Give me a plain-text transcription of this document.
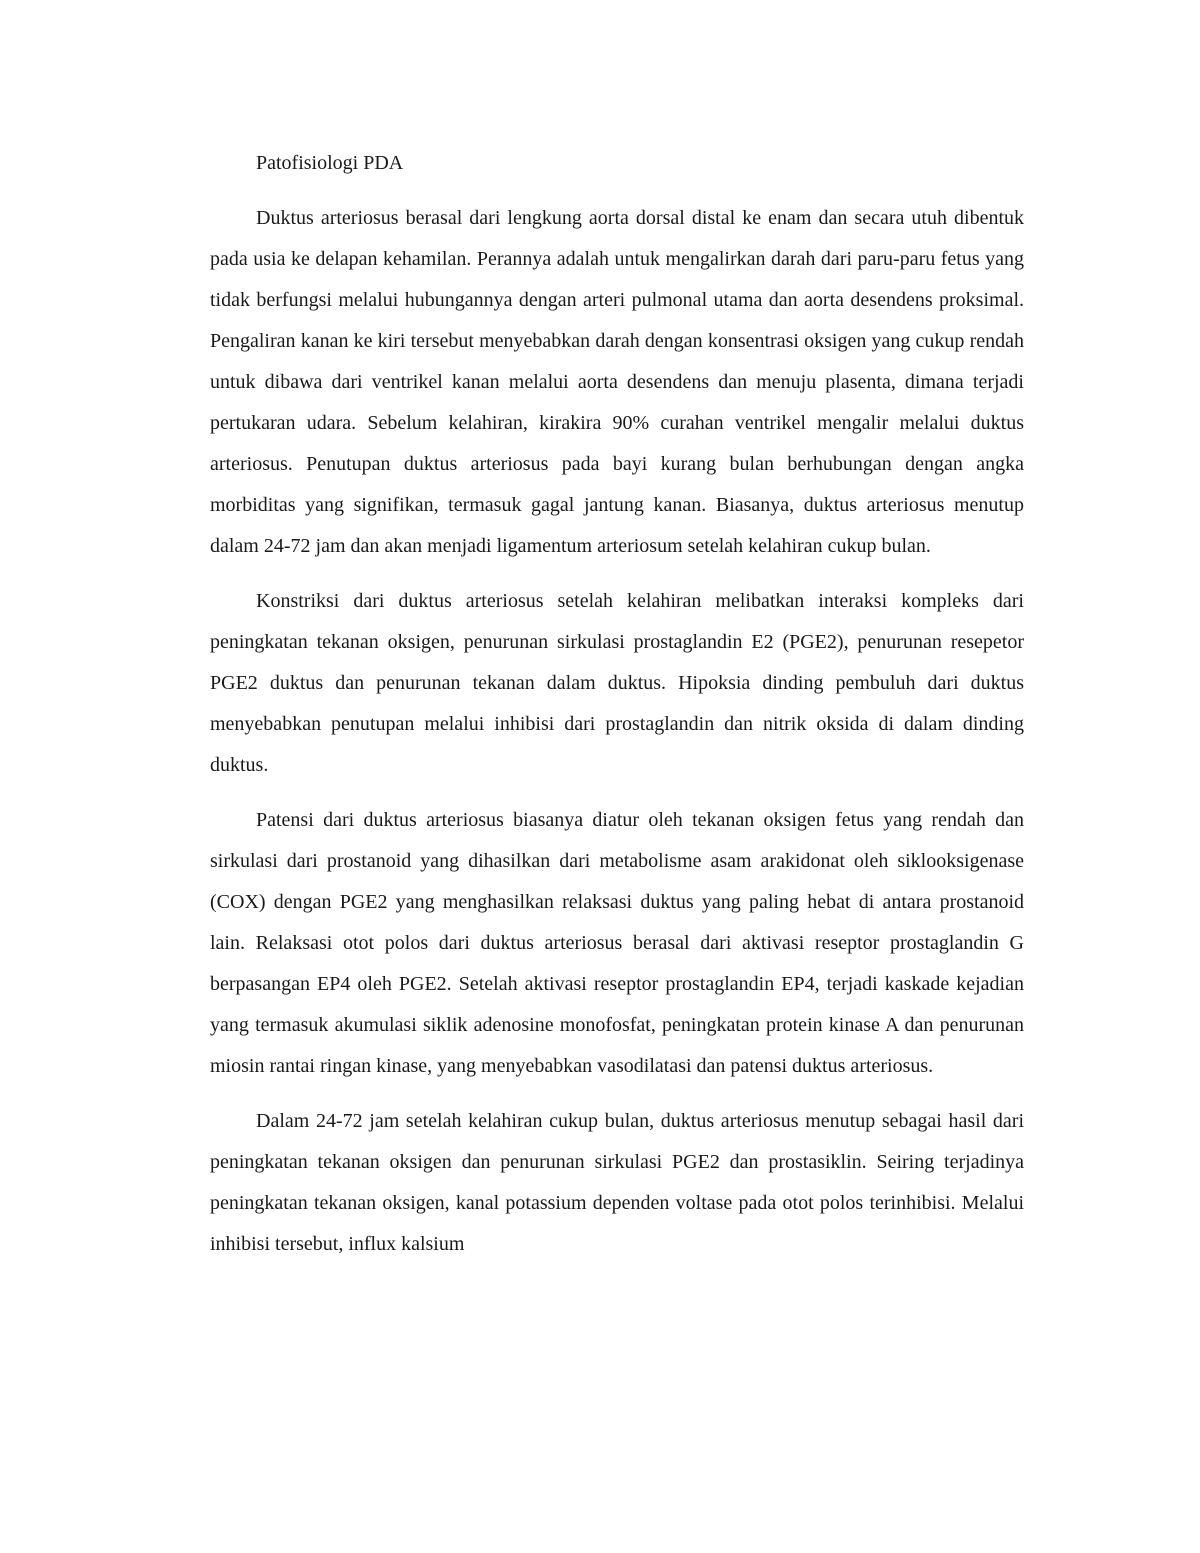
Patofisiologi PDA

Duktus arteriosus berasal dari lengkung aorta dorsal distal ke enam dan secara utuh dibentuk pada usia ke delapan kehamilan. Perannya adalah untuk mengalirkan darah dari paru-paru fetus yang tidak berfungsi melalui hubungannya dengan arteri pulmonal utama dan aorta desendens proksimal. Pengaliran kanan ke kiri tersebut menyebabkan darah dengan konsentrasi oksigen yang cukup rendah untuk dibawa dari ventrikel kanan melalui aorta desendens dan menuju plasenta, dimana terjadi pertukaran udara. Sebelum kelahiran, kirakira 90% curahan ventrikel mengalir melalui duktus arteriosus. Penutupan duktus arteriosus pada bayi kurang bulan berhubungan dengan angka morbiditas yang signifikan, termasuk gagal jantung kanan. Biasanya, duktus arteriosus menutup dalam 24-72 jam dan akan menjadi ligamentum arteriosum setelah kelahiran cukup bulan.

Konstriksi dari duktus arteriosus setelah kelahiran melibatkan interaksi kompleks dari peningkatan tekanan oksigen, penurunan sirkulasi prostaglandin E2 (PGE2), penurunan resepetor PGE2 duktus dan penurunan tekanan dalam duktus. Hipoksia dinding pembuluh dari duktus menyebabkan penutupan melalui inhibisi dari prostaglandin dan nitrik oksida di dalam dinding duktus.

Patensi dari duktus arteriosus biasanya diatur oleh tekanan oksigen fetus yang rendah dan sirkulasi dari prostanoid yang dihasilkan dari metabolisme asam arakidonat oleh siklooksigenase (COX) dengan PGE2 yang menghasilkan relaksasi duktus yang paling hebat di antara prostanoid lain. Relaksasi otot polos dari duktus arteriosus berasal dari aktivasi reseptor prostaglandin G berpasangan EP4 oleh PGE2. Setelah aktivasi reseptor prostaglandin EP4, terjadi kaskade kejadian yang termasuk akumulasi siklik adenosine monofosfat, peningkatan protein kinase A dan penurunan miosin rantai ringan kinase, yang menyebabkan vasodilatasi dan patensi duktus arteriosus.

Dalam 24-72 jam setelah kelahiran cukup bulan, duktus arteriosus menutup sebagai hasil dari peningkatan tekanan oksigen dan penurunan sirkulasi PGE2 dan prostasiklin. Seiring terjadinya peningkatan tekanan oksigen, kanal potassium dependen voltase pada otot polos terinhibisi. Melalui inhibisi tersebut, influx kalsium
